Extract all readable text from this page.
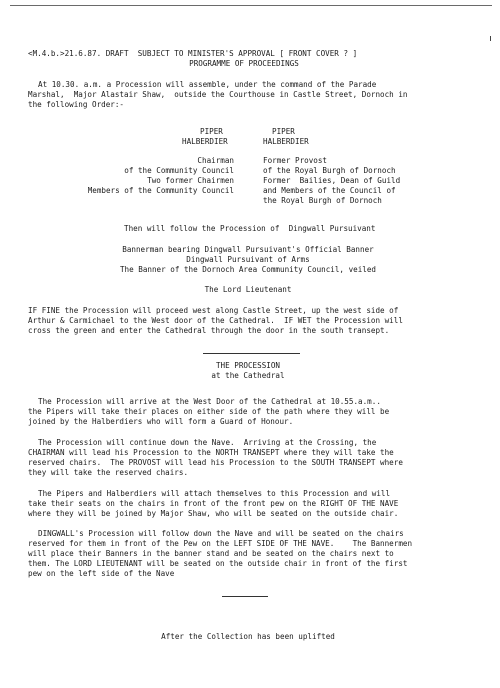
<M.4.b.>21.6.87. DRAFT  SUBJECT TO MINISTER'S APPROVAL [ FRONT COVER ? ]
PROGRAMME OF PROCEEDINGS
At 10.30. a.m. a Procession will assemble, under the command of the Parade
Marshal,  Major Alastair Shaw,  outside the Courthouse in Castle Street, Dornoch in
the following Order:-
PIPER	PIPER
HALBERDIER	HALBERDIER
Chairman
of the Community Council
Two former Chairmen
Members of the Community Council
Former Provost
of the Royal Burgh of Dornoch
Former  Bailies, Dean of Guild
and Members of the Council of
the Royal Burgh of Dornoch
Then will follow the Procession of  Dingwall Pursuivant
Bannerman bearing Dingwall Pursuivant's Official Banner
Dingwall Pursuivant of Arms
The Banner of the Dornoch Area Community Council, veiled
The Lord Lieutenant
IF FINE the Procession will proceed west along Castle Street, up the west side of
Arthur & Carmichael to the West door of the Cathedral.  IF WET the Procession will
cross the green and enter the Cathedral through the door in the south transept.
THE PROCESSION
at the Cathedral
The Procession will arrive at the West Door of the Cathedral at 10.55.a.m..
the Pipers will take their places on either side of the path where they will be
joined by the Halberdiers who will form a Guard of Honour.
The Procession will continue down the Nave.  Arriving at the Crossing, the
CHAIRMAN will lead his Procession to the NORTH TRANSEPT where they will take the
reserved chairs.  The PROVOST will lead his Procession to the SOUTH TRANSEPT where
they will take the reserved chairs.
The Pipers and Halberdiers will attach themselves to this Procession and will
take their seats on the chairs in front of the front pew on the RIGHT OF THE NAVE
where they will be joined by Major Shaw, who will be seated on the outside chair.
DINGWALL's Procession will follow down the Nave and will be seated on the chairs
reserved for them in front of the Pew on the LEFT SIDE OF THE NAVE.    The Bannermen
will place their Banners in the banner stand and be seated on the chairs next to
them. The LORD LIEUTENANT will be seated on the outside chair in front of the first
pew on the left side of the Nave
After the Collection has been uplifted
